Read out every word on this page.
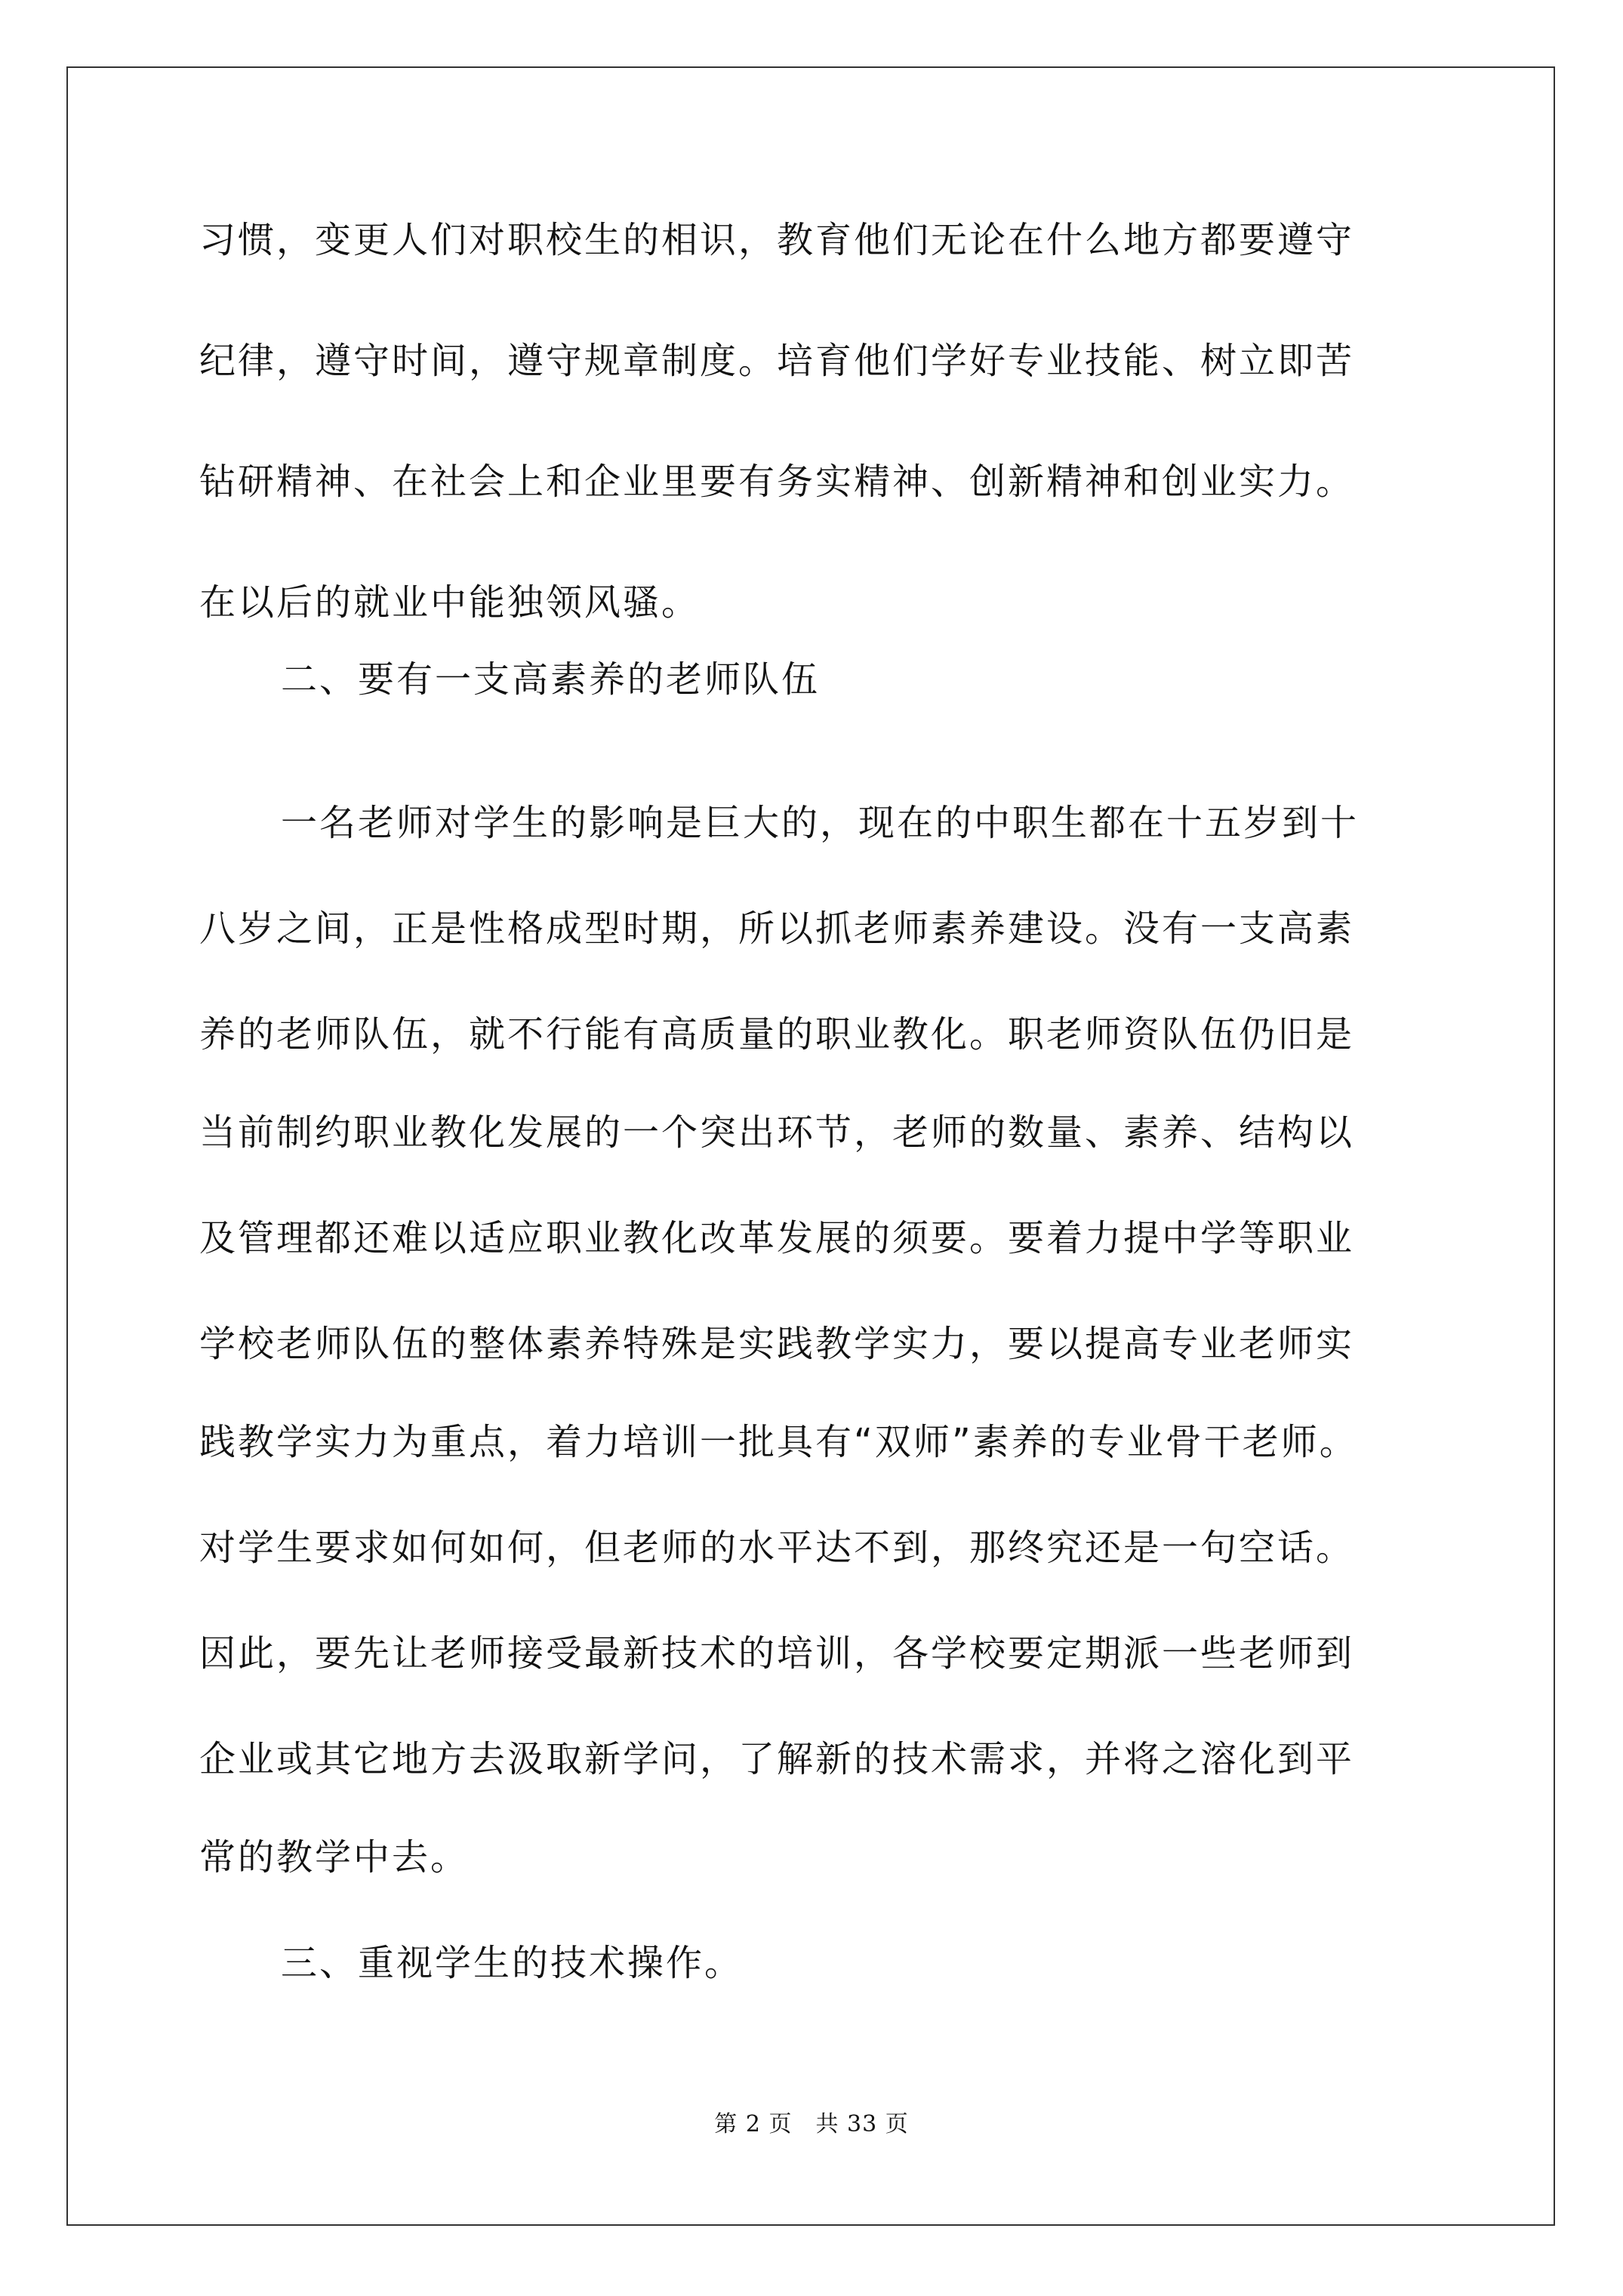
习惯，变更人们对职校生的相识，教育他们无论在什么地方都要遵守
纪律，遵守时间，遵守规章制度。培育他们学好专业技能、树立即苦
钻研精神、在社会上和企业里要有务实精神、创新精神和创业实力。
在以后的就业中能独领风骚。
二、要有一支高素养的老师队伍
一名老师对学生的影响是巨大的，现在的中职生都在十五岁到十
八岁之间，正是性格成型时期，所以抓老师素养建设。没有一支高素
养的老师队伍，就不行能有高质量的职业教化。职老师资队伍仍旧是
当前制约职业教化发展的一个突出环节，老师的数量、素养、结构以
及管理都还难以适应职业教化改革发展的须要。要着力提中学等职业
学校老师队伍的整体素养特殊是实践教学实力，要以提高专业老师实
践教学实力为重点，着力培训一批具有“双师”素养的专业骨干老师。
对学生要求如何如何，但老师的水平达不到，那终究还是一句空话。
因此，要先让老师接受最新技术的培训，各学校要定期派一些老师到
企业或其它地方去汲取新学问，了解新的技术需求，并将之溶化到平
常的教学中去。
三、重视学生的技术操作。
第 2 页　共 33 页
